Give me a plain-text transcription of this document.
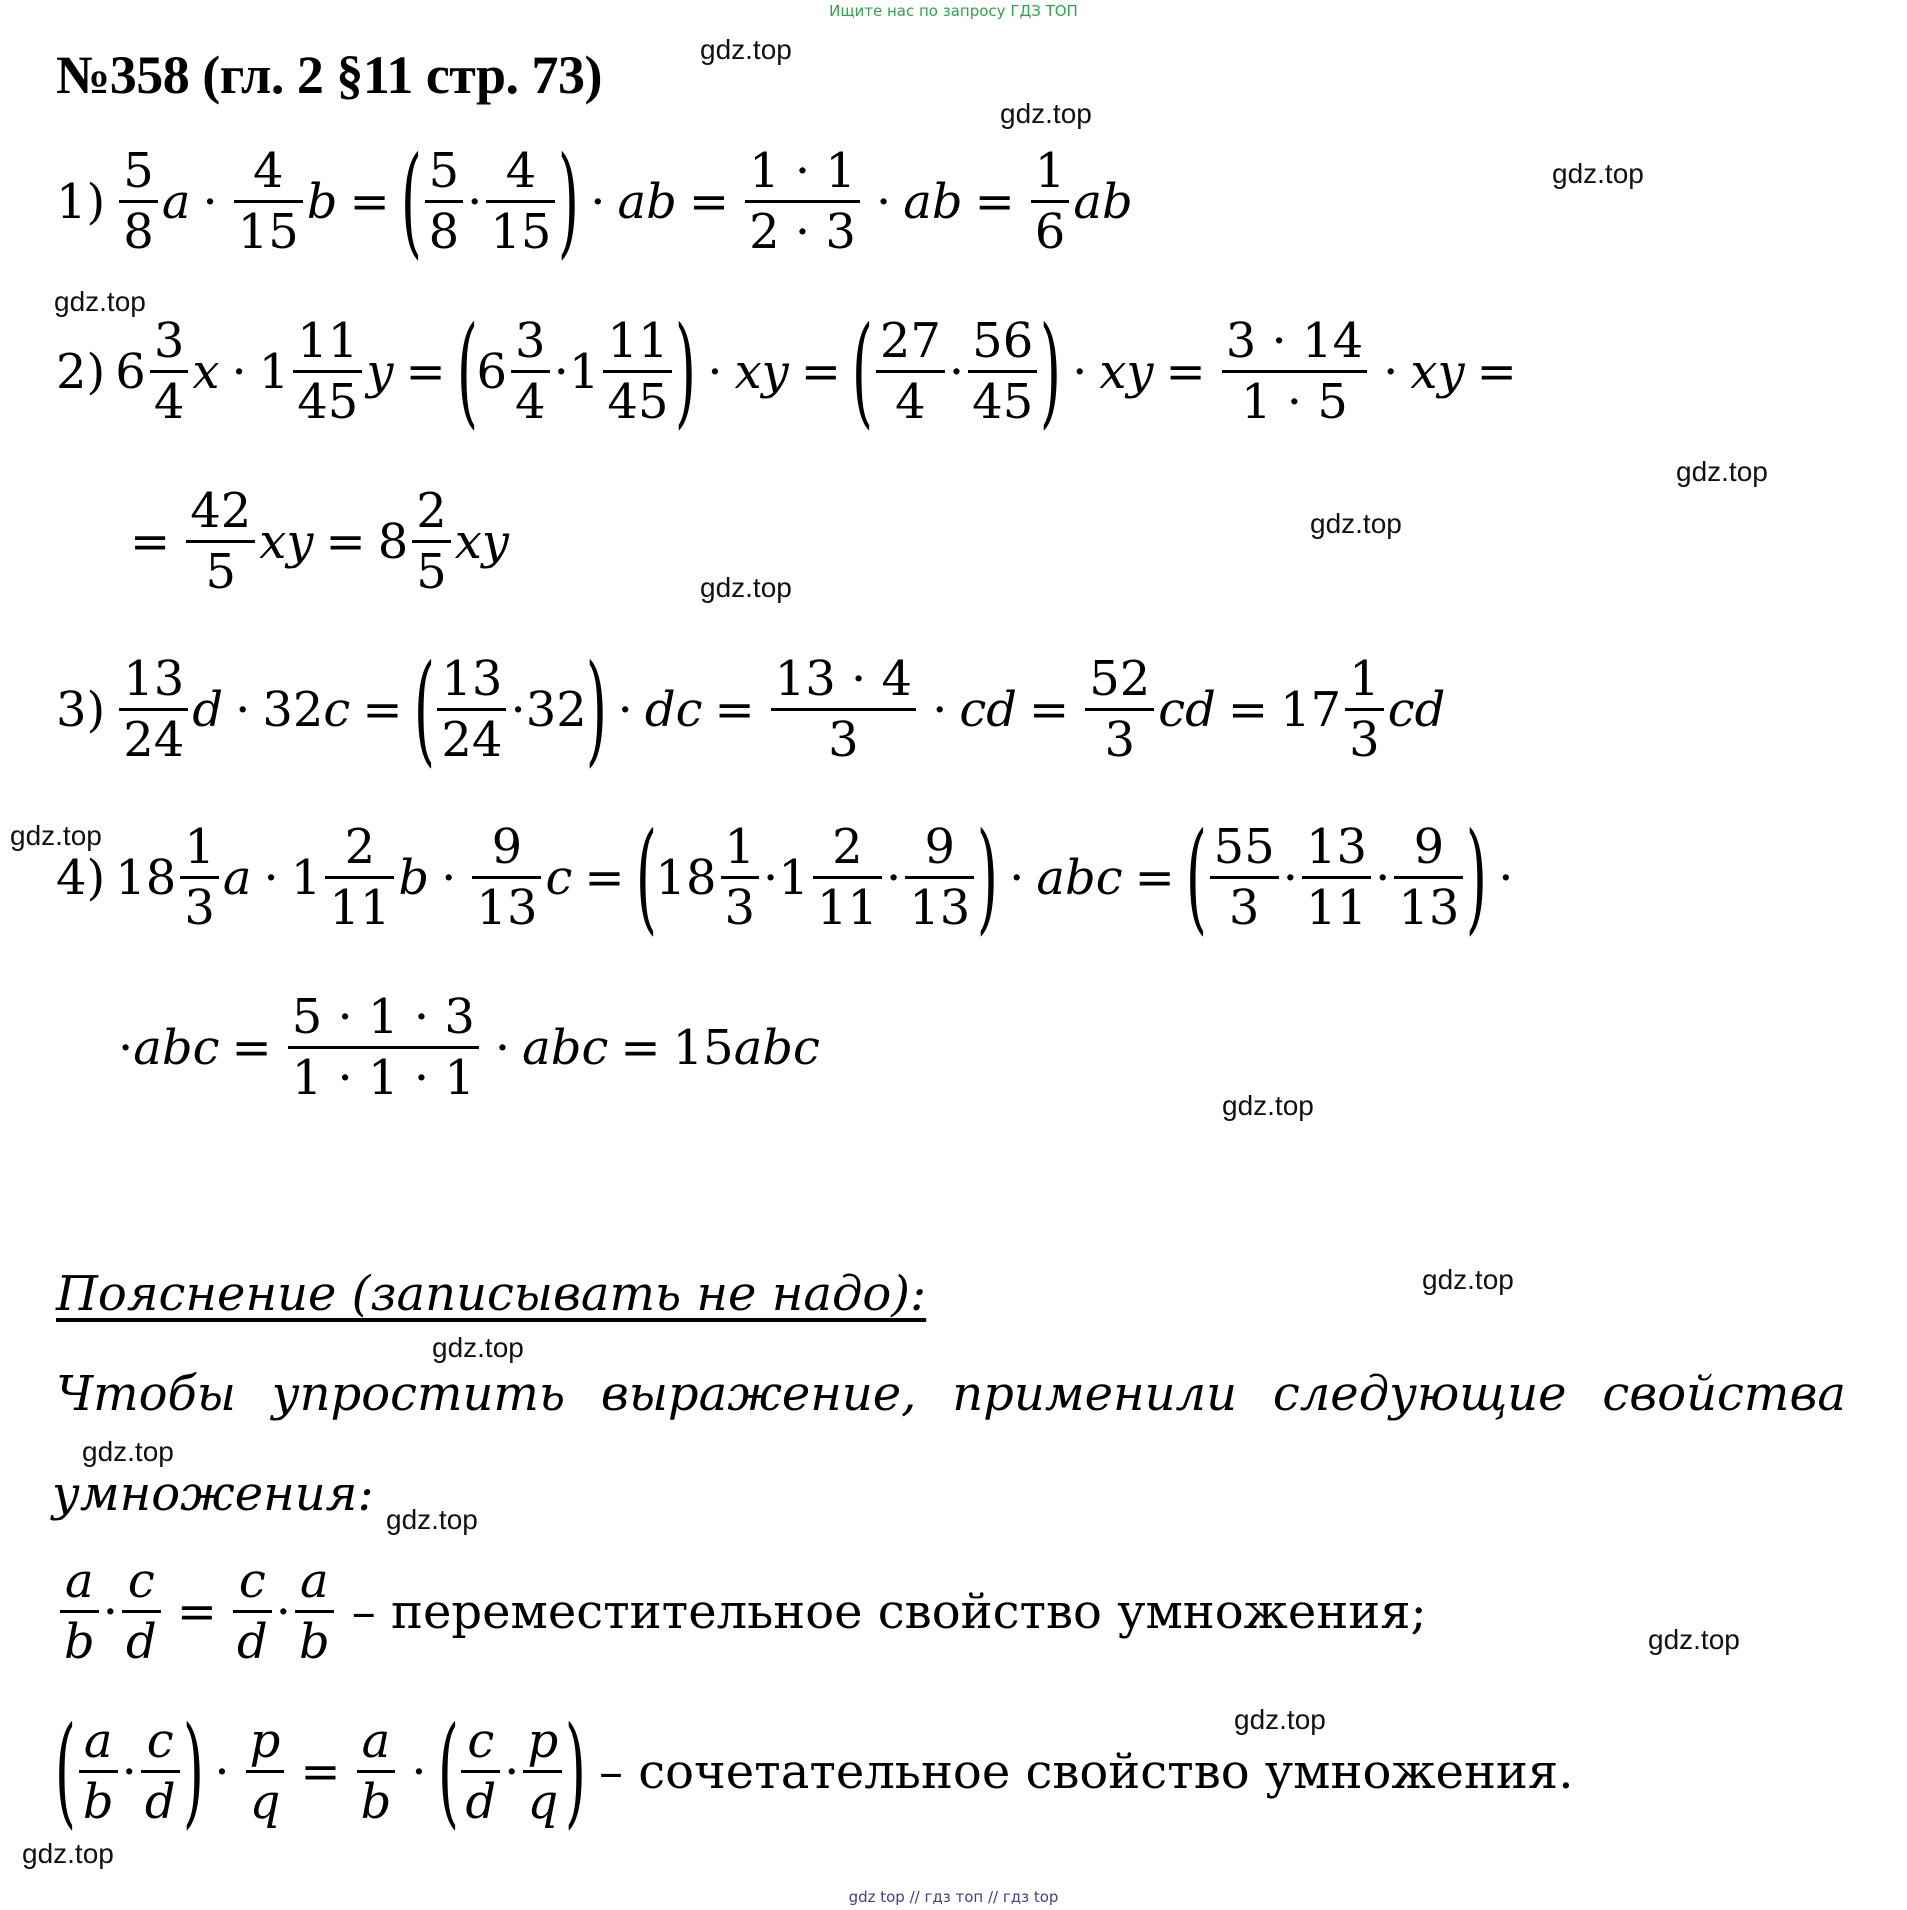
Ищите нас по запросу ГДЗ ТОП
№358 (гл. 2 §11 стр. 73)	gdz.top
gdz.top
gdz.top
gdz.top
gdz.top
gdz.top
gdz.top
gdz.top
gdz.top
gdz.top
gdz.top
gdz.top
gdz.top
gdz.top
gdz.top
gdz.top
$1) \frac{5}{8}$ $a \cdot \frac{4}{15}$ b = ( $\frac{5}{8} \cdot \frac{4}{15}$ ) · ab = $\frac{1 \cdot 1}{2 \cdot 3}$ · ab = $\frac{1}{6}$ ab
2) $6 \frac{3}{4}$ $x \cdot 1 \frac{11}{45}$ y = (
$6 \frac{3}{4} \cdot 1 \frac{11}{45}$ ) · xy = ( $\frac{27}{4} \cdot \frac{56}{45}$ ) · xy = $\frac{3 \cdot 14}{1 \cdot 5}$ · xy =
= $\frac{42}{5}$ xy = $8 \frac{2}{5}$ xy
$3) \frac{13}{24}$ d · 32 c = ( $\frac{13}{24} \cdot 32$
) · dc = $\frac{13 \cdot 4}{3}$ · cd = $\frac{52}{3}$ cd = $17 \frac{1}{3}$ cd
4) $18 \frac{1}{3}$ $a \cdot 1 \frac{2}{11}$ $b \cdot \frac{9}{13}$ c = (
$18 \frac{1}{3} \cdot 1 \frac{2}{11} \cdot \frac{9}{13}$ ) · abc = ( $\frac{55}{3} \cdot \frac{13}{11} \cdot \frac{9}{13}$ ) ·
· abc = $\frac{5 \cdot 1 \cdot 3}{1 \cdot 1 \cdot 1}$ · abc = 15 abc
Пояснение (записывать не надо):
Чтобы упростить выражение, применили следующие свойства
умножения:
$\frac{a}{b} \cdot \frac{c}{d} = \frac{c}{d} \cdot \frac{a}{b}$ – переместительное свойство умножения;
( $\frac{a}{b} \cdot \frac{c}{d}$ ) · $\frac{p}{q} = \frac{a}{b}$ · ( $\frac{c}{d} \cdot \frac{p}{q}$ ) – сочетательное свойство умножения.
gdz top // гдз топ // гдз top
